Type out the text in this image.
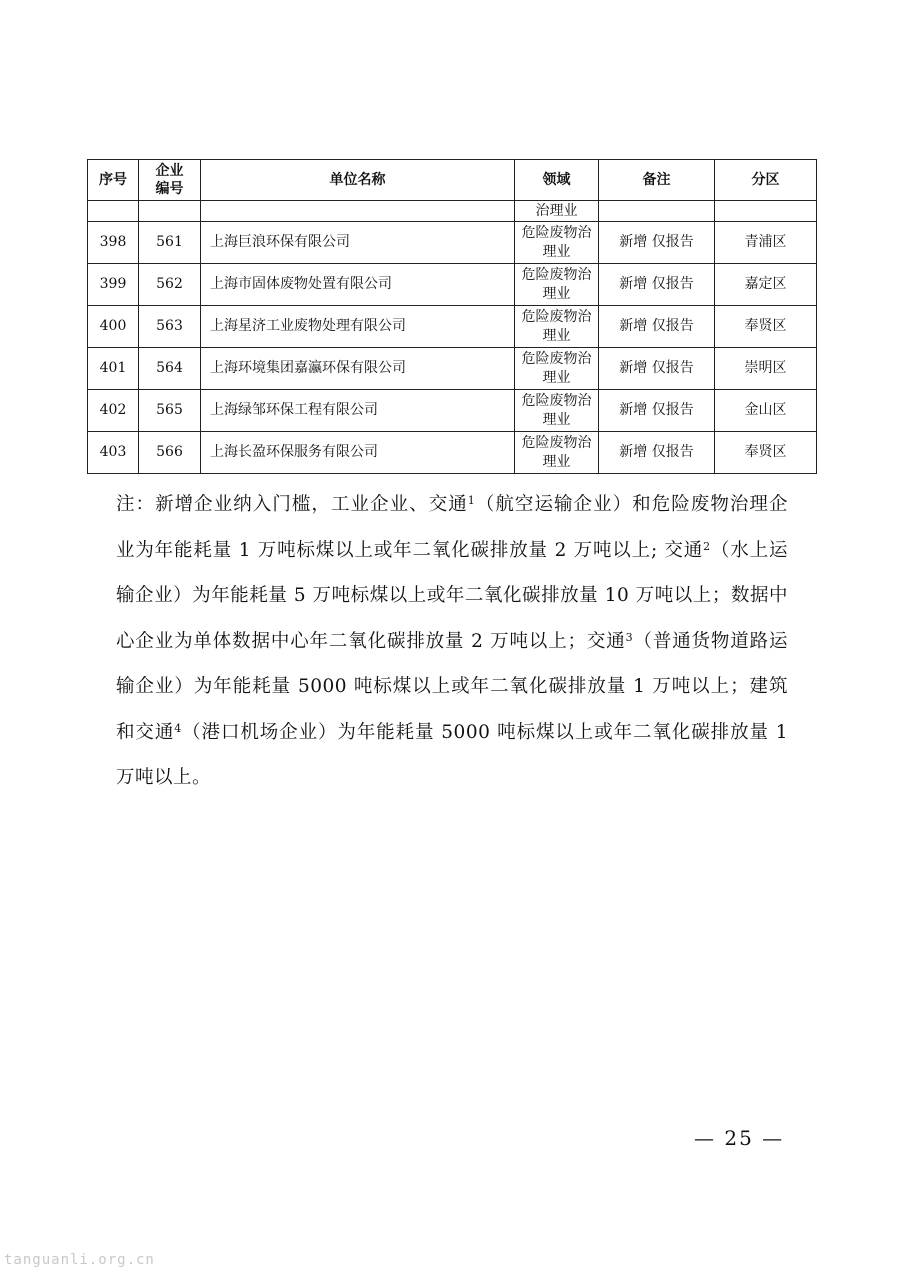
序号	企业编号	单位名称	领域	备注	分区
			治理业		
398	561	上海巨浪环保有限公司	危险废物治理业	新增 仅报告	青浦区
399	562	上海市固体废物处置有限公司	危险废物治理业	新增 仅报告	嘉定区
400	563	上海星济工业废物处理有限公司	危险废物治理业	新增 仅报告	奉贤区
401	564	上海环境集团嘉瀛环保有限公司	危险废物治理业	新增 仅报告	崇明区
402	565	上海绿邹环保工程有限公司	危险废物治理业	新增 仅报告	金山区
403	566	上海长盈环保服务有限公司	危险废物治理业	新增 仅报告	奉贤区
注：新增企业纳入门槛，工业企业、交通$^1$（航空运输企业）和危险废物治理企业为年能耗量 1 万吨标煤以上或年二氧化碳排放量 2 万吨以上; 交通$^2$（水上运输企业）为年能耗量 5 万吨标煤以上或年二氧化碳排放量 10 万吨以上；数据中心企业为单体数据中心年二氧化碳排放量 2 万吨以上；交通$^3$（普通货物道路运输企业）为年能耗量 5000 吨标煤以上或年二氧化碳排放量 1 万吨以上；建筑和交通$^4$（港口机场企业）为年能耗量 5000 吨标煤以上或年二氧化碳排放量 1 万吨以上。
— 25 —
tanguanli.org.cn
